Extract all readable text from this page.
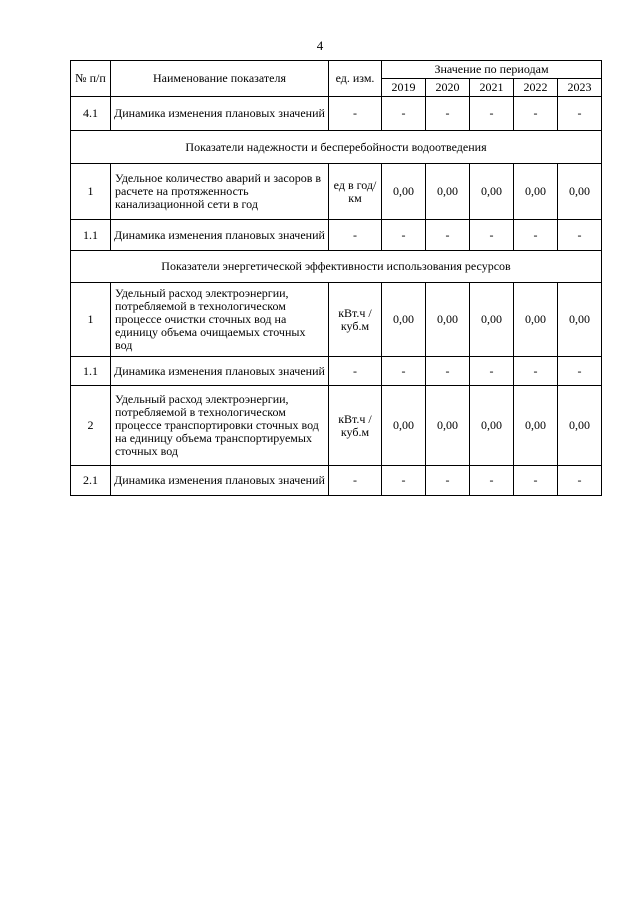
4
№ п/п	Наименование показателя	ед. изм.	Значение по периодам				
			2019	2020	2021	2022	2023
4.1	Динамика изменения плановых значений	-	-	-	-	-	-
Показатели надежности и бесперебойности водоотведения							
1	Удельное количество аварий и засоров в расчете на протяженность канализационной сети в год	ед в год/ км	0,00	0,00	0,00	0,00	0,00
1.1	Динамика изменения плановых значений	-	-	-	-	-	-
Показатели энергетической эффективности использования ресурсов							
1	Удельный расход электроэнергии, потребляемой в технологическом процессе очистки сточных вод на единицу объема очищаемых сточных вод	кВт.ч / куб.м	0,00	0,00	0,00	0,00	0,00
1.1	Динамика изменения плановых значений	-	-	-	-	-	-
2	Удельный расход электроэнергии, потребляемой в технологическом процессе транспортировки сточных вод на единицу объема транспортируемых сточных вод	кВт.ч / куб.м	0,00	0,00	0,00	0,00	0,00
2.1	Динамика изменения плановых значений	-	-	-	-	-	-
